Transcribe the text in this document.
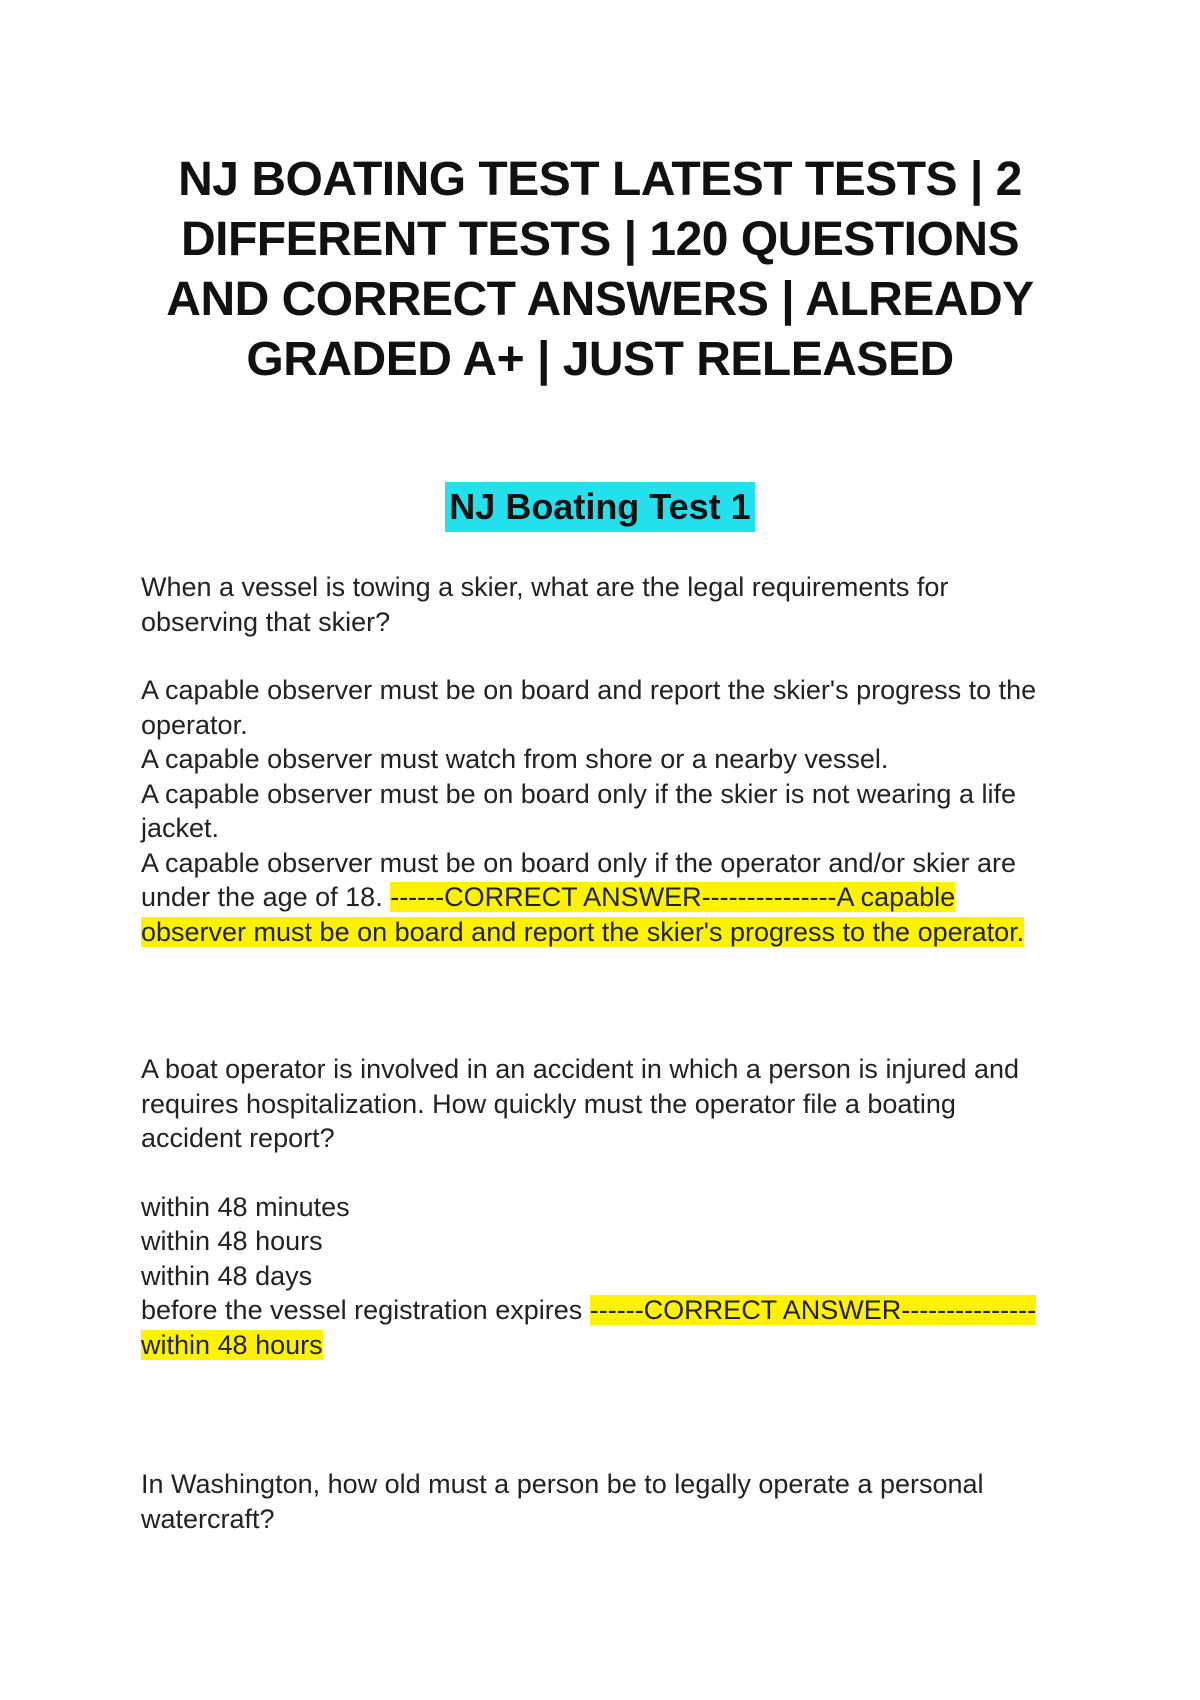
NJ BOATING TEST LATEST TESTS | 2
DIFFERENT TESTS | 120 QUESTIONS
AND CORRECT ANSWERS | ALREADY
GRADED A+ | JUST RELEASED
NJ Boating Test 1
When a vessel is towing a skier, what are the legal requirements for
observing that skier?
A capable observer must be on board and report the skier's progress to the
operator.
A capable observer must watch from shore or a nearby vessel.
A capable observer must be on board only if the skier is not wearing a life
jacket.
A capable observer must be on board only if the operator and/or skier are
under the age of 18. ------CORRECT ANSWER---------------A capable
observer must be on board and report the skier's progress to the operator.
A boat operator is involved in an accident in which a person is injured and
requires hospitalization. How quickly must the operator file a boating
accident report?
within 48 minutes
within 48 hours
within 48 days
before the vessel registration expires ------CORRECT ANSWER---------------
within 48 hours
In Washington, how old must a person be to legally operate a personal
watercraft?
